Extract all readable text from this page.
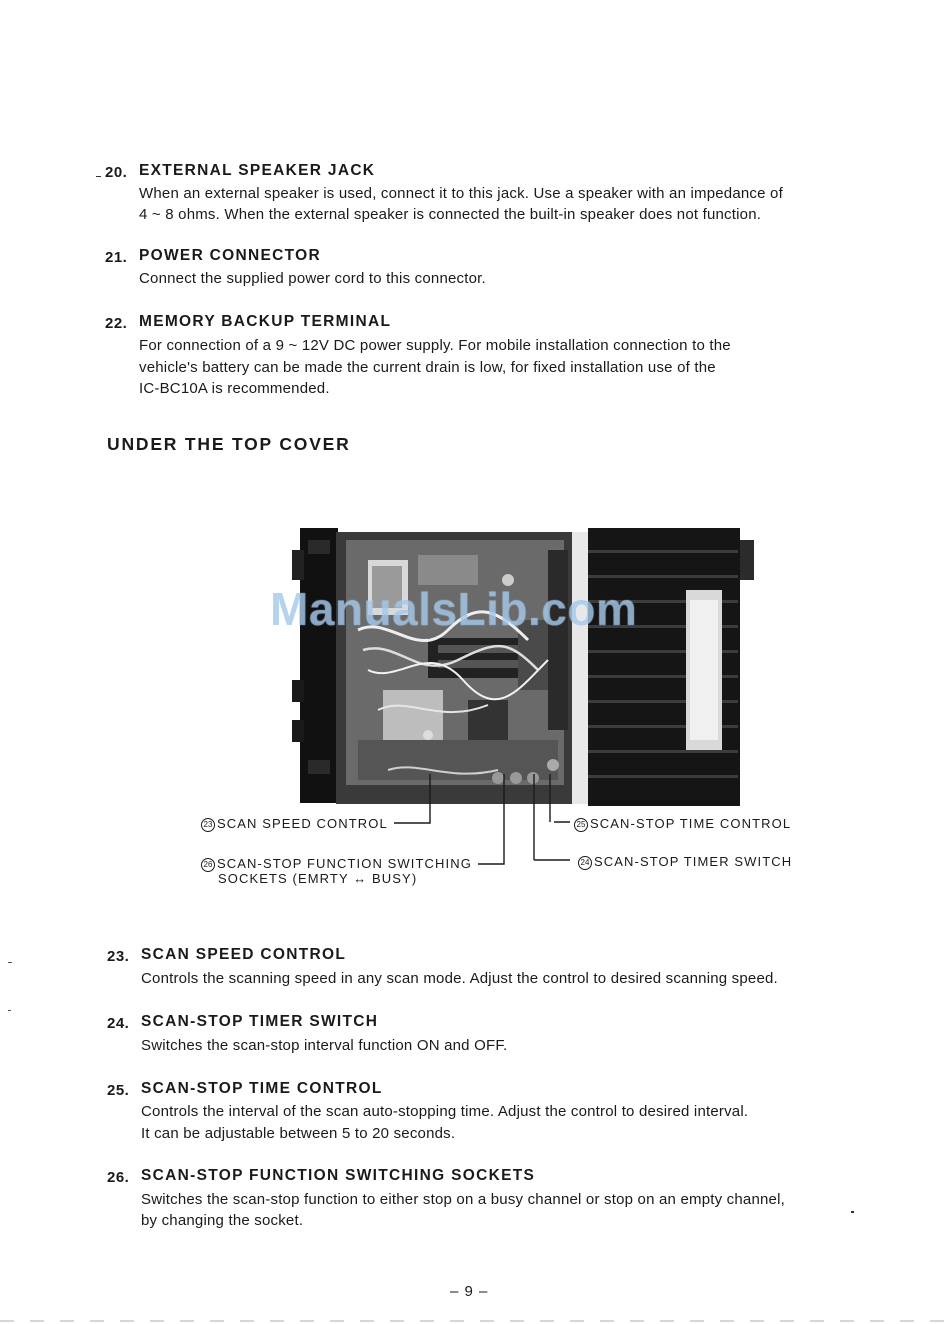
20. EXTERNAL SPEAKER JACK
When an external speaker is used, connect it to this jack. Use a speaker with an impedance of
4 ~ 8 ohms. When the external speaker is connected the built-in speaker does not function.
21. POWER CONNECTOR
Connect the supplied power cord to this connector.
22. MEMORY BACKUP TERMINAL
For connection of a 9 ~ 12V DC power supply. For mobile installation connection to the
vehicle's battery can be made the current drain is low, for fixed installation use of the
IC-BC10A is recommended.
UNDER THE TOP COVER
ManualsLib.com
23 SCAN SPEED CONTROL	25 SCAN-STOP TIME CONTROL
26 SCAN-STOP FUNCTION SWITCHING
SOCKETS (EMRTY ↔ BUSY)
24 SCAN-STOP TIMER SWITCH
23. SCAN SPEED CONTROL
Controls the scanning speed in any scan mode. Adjust the control to desired scanning speed.
24. SCAN-STOP TIMER SWITCH
Switches the scan-stop interval function ON and OFF.
25. SCAN-STOP TIME CONTROL
Controls the interval of the scan auto-stopping time. Adjust the control to desired interval.
It can be adjustable between 5 to 20 seconds.
26. SCAN-STOP FUNCTION SWITCHING SOCKETS
Switches the scan-stop function to either stop on a busy channel or stop on an empty channel,
by changing the socket.
– 9 –
